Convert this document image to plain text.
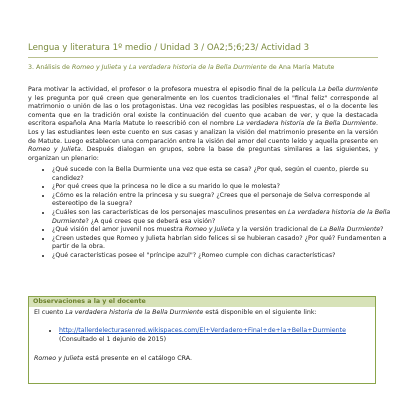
Lengua y literatura 1º medio / Unidad 3 / OA2;5;6;23/ Actividad 3
3. Análisis de Romeo y Julieta y La verdadera historia de la Bella Durmiente de Ana María Matute
Para motivar la actividad, el profesor o la profesora muestra el episodio final de la película La bella durmiente y les pregunta por qué creen que generalmente en los cuentos tradicionales el "final feliz" corresponde al matrimonio o unión de las o los protagonistas. Una vez recogidas las posibles respuestas, el o la docente les comenta que en la tradición oral existe la continuación del cuento que acaban de ver, y que la destacada escritora española Ana María Matute lo reescribió con el nombre La verdadera historia de la Bella Durmiente. Los y las estudiantes leen este cuento en sus casas y analizan la visión del matrimonio presente en la versión de Matute. Luego establecen una comparación entre la visión del amor del cuento leído y aquella presente en Romeo y Julieta. Después dialogan en grupos, sobre la base de preguntas similares a las siguientes, y organizan un plenario:
• ¿Qué sucede con la Bella Durmiente una vez que esta se casa? ¿Por qué, según el cuento, pierde su candidez?
• ¿Por qué crees que la princesa no le dice a su marido lo que le molesta?
• ¿Cómo es la relación entre la princesa y su suegra? ¿Crees que el personaje de Selva corresponde al estereotipo de la suegra?
• ¿Cuáles son las características de los personajes masculinos presentes en La verdadera historia de la Bella Durmiente? ¿A qué crees que se deberá esa visión?
• ¿Qué visión del amor juvenil nos muestra Romeo y Julieta y la versión tradicional de La Bella Durmiente?
• ¿Creen ustedes que Romeo y Julieta habrían sido felices si se hubieran casado? ¿Por qué? Fundamenten a partir de la obra.
• ¿Qué características posee el "príncipe azul"? ¿Romeo cumple con dichas características?
Observaciones a la y el docente
El cuento La verdadera historia de la Bella Durmiente está disponible en el siguiente link:
• http://tallerdelecturasenred.wikispaces.com/El+Verdadero+Final+de+la+Bella+Durmiente (Consultado el 1 dejunio de 2015)
Romeo y Julieta está presente en el catálogo CRA.
